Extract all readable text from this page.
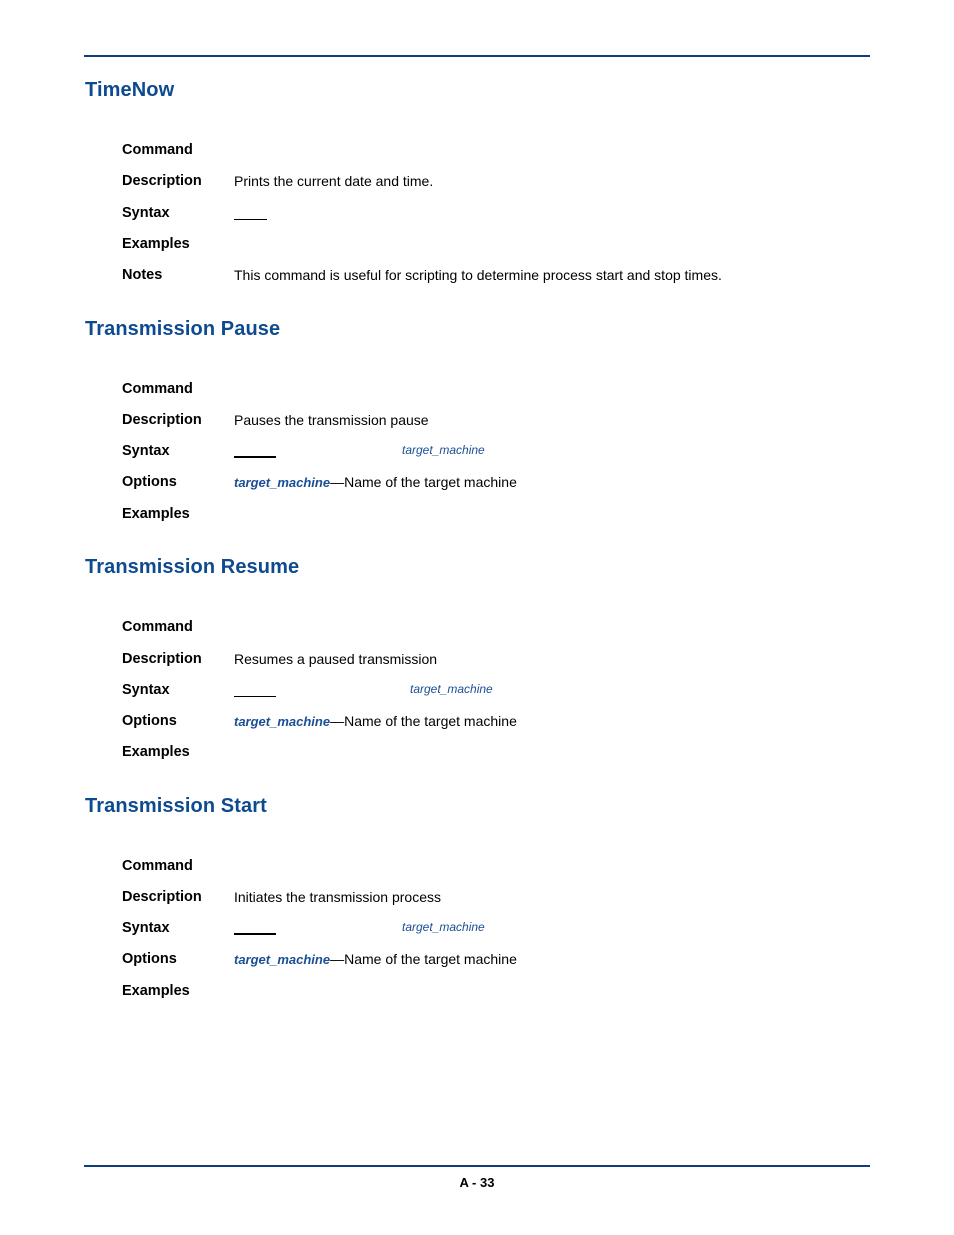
TimeNow
Command
Description Prints the current date and time.
Syntax
Examples
Notes	This command is useful for scripting to determine process start and stop times.
Transmission Pause
Command
Description Pauses the transmission pause
Syntax	target_machine
Options	target_machine—Name of the target machine
Examples
Transmission Resume
Command
Description Resumes a paused transmission
Syntax	target_machine
Options	target_machine—Name of the target machine
Examples
Transmission Start
Command
Description Initiates the transmission process
Syntax	target_machine
Options	target_machine—Name of the target machine
Examples
A - 33
